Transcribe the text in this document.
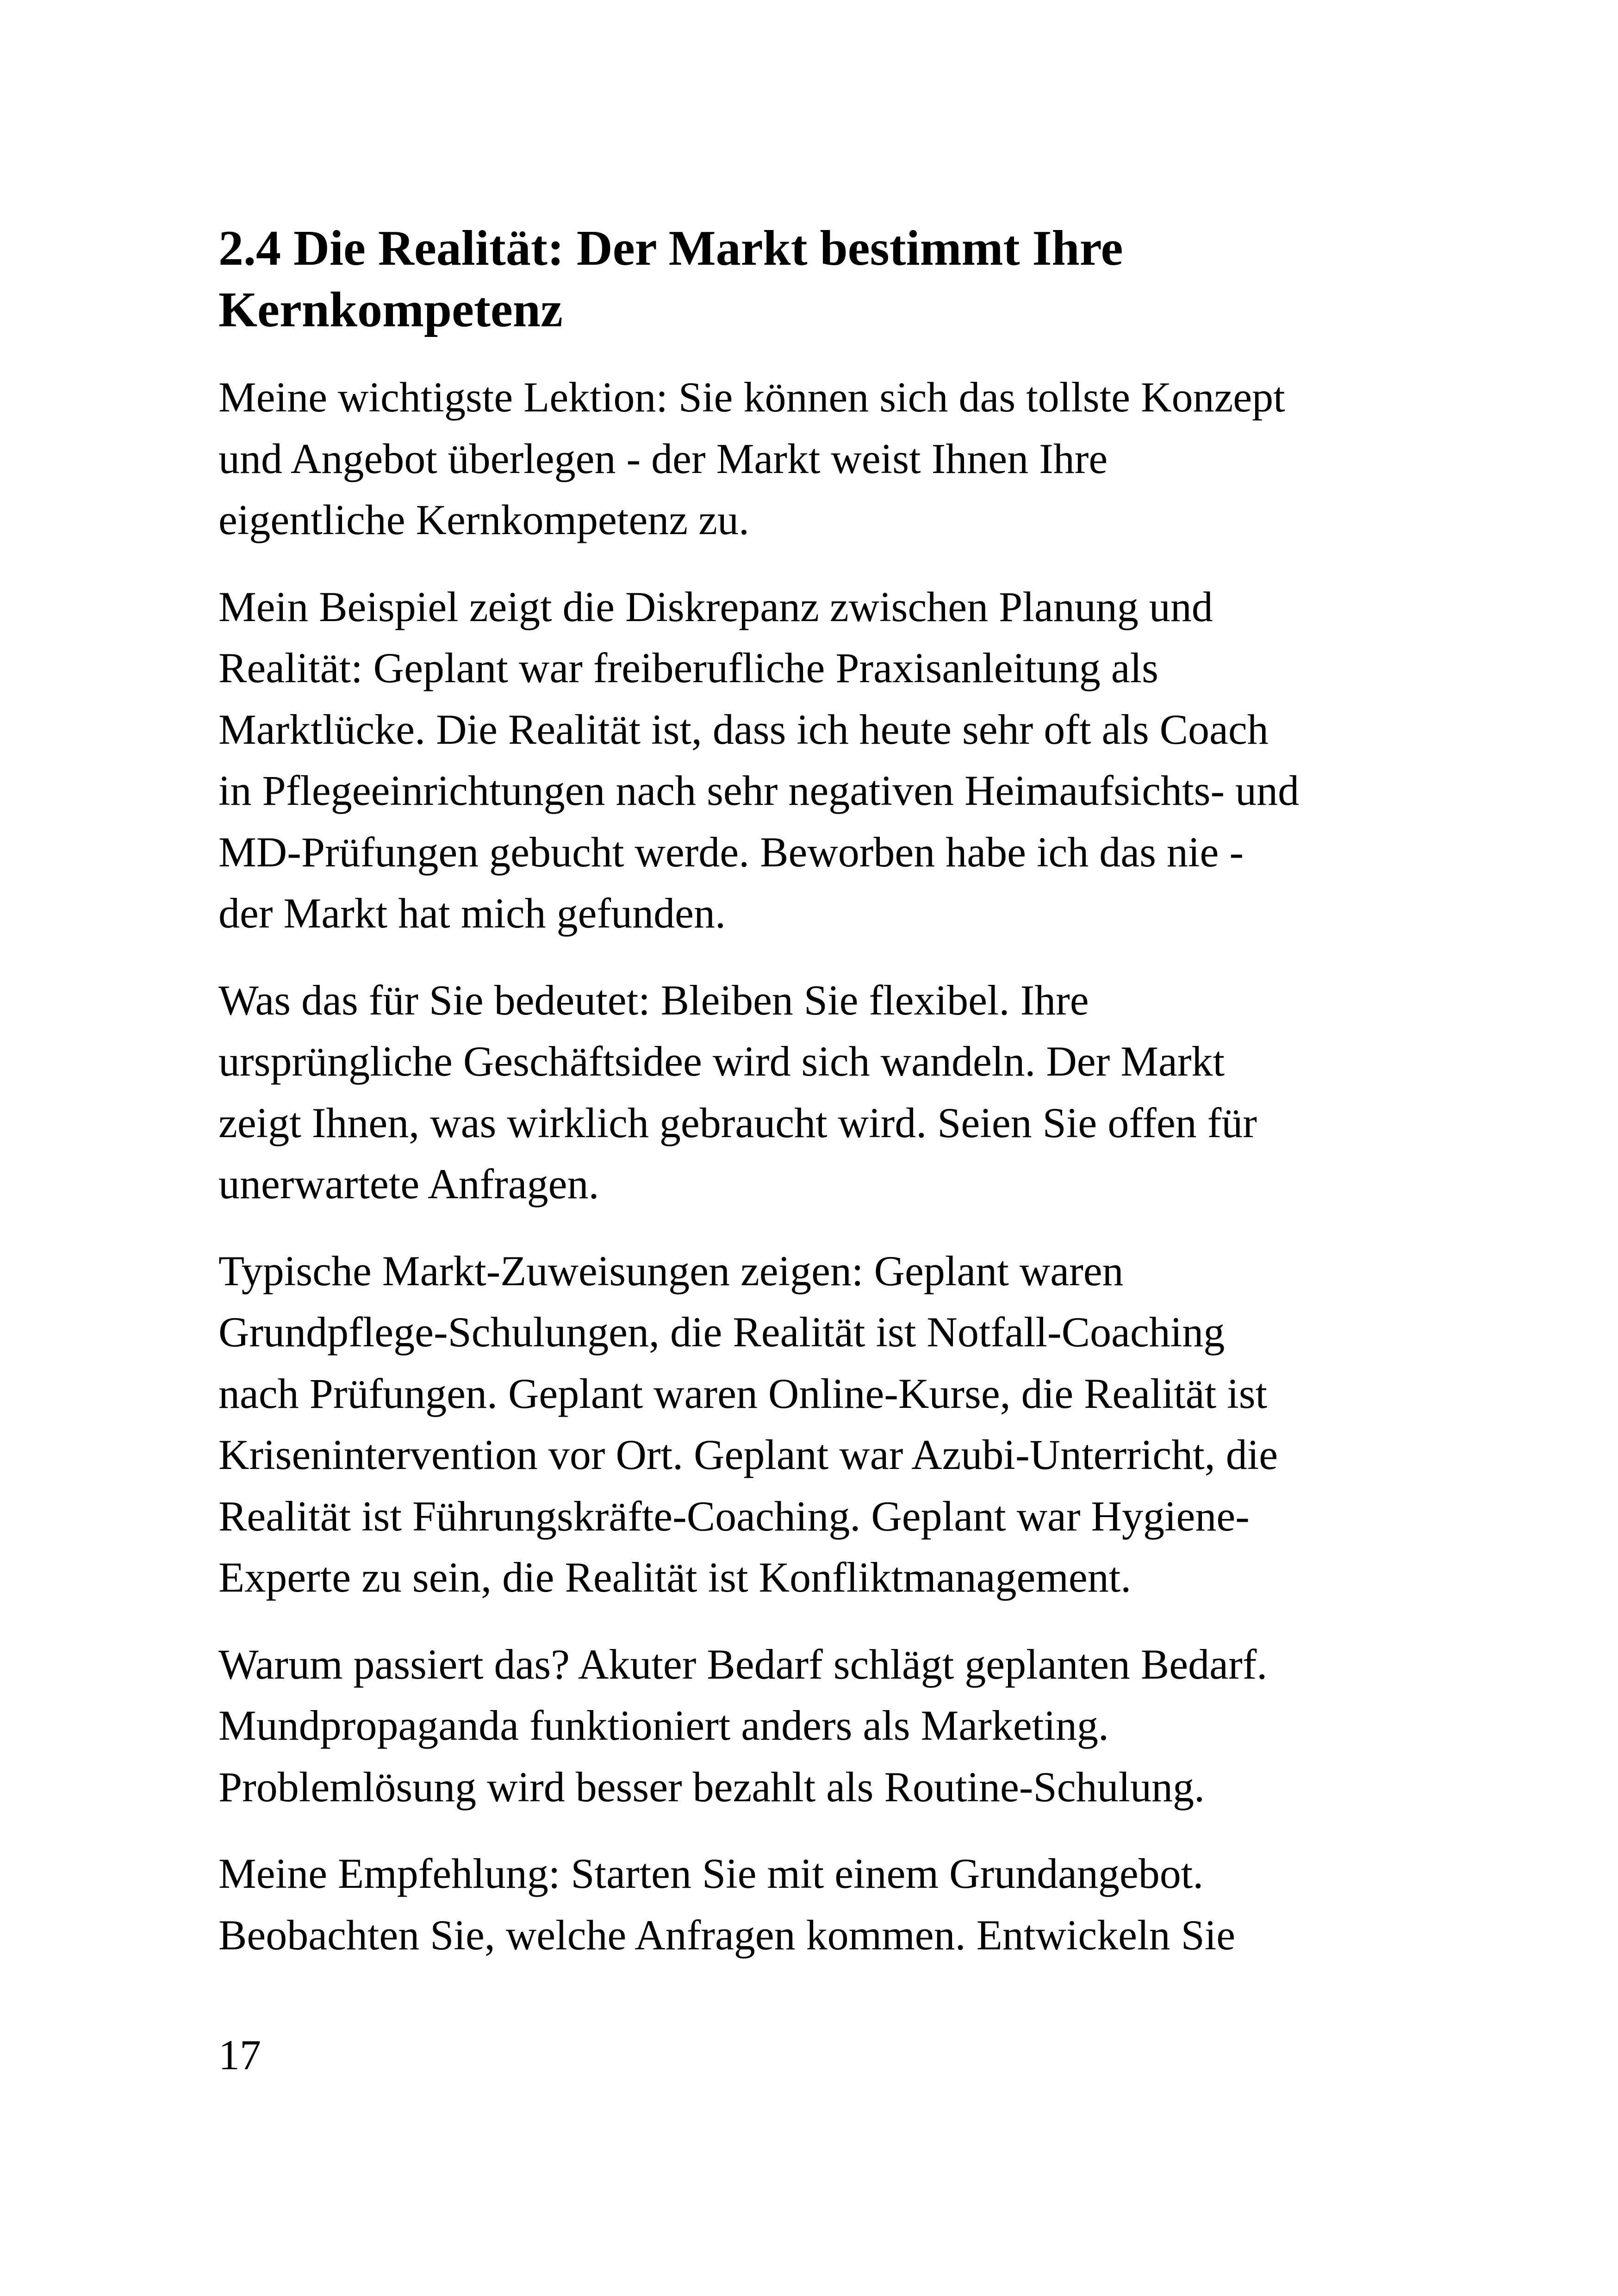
2.4 Die Realität: Der Markt bestimmt Ihre
Kernkompetenz

Meine wichtigste Lektion: Sie können sich das tollste Konzept
und Angebot überlegen - der Markt weist Ihnen Ihre
eigentliche Kernkompetenz zu.

Mein Beispiel zeigt die Diskrepanz zwischen Planung und
Realität: Geplant war freiberufliche Praxisanleitung als
Marktlücke. Die Realität ist, dass ich heute sehr oft als Coach
in Pflegeeinrichtungen nach sehr negativen Heimaufsichts- und
MD-Prüfungen gebucht werde. Beworben habe ich das nie -
der Markt hat mich gefunden.

Was das für Sie bedeutet: Bleiben Sie flexibel. Ihre
ursprüngliche Geschäftsidee wird sich wandeln. Der Markt
zeigt Ihnen, was wirklich gebraucht wird. Seien Sie offen für
unerwartete Anfragen.

Typische Markt-Zuweisungen zeigen: Geplant waren
Grundpflege-Schulungen, die Realität ist Notfall-Coaching
nach Prüfungen. Geplant waren Online-Kurse, die Realität ist
Krisenintervention vor Ort. Geplant war Azubi-Unterricht, die
Realität ist Führungskräfte-Coaching. Geplant war Hygiene-
Experte zu sein, die Realität ist Konfliktmanagement.

Warum passiert das? Akuter Bedarf schlägt geplanten Bedarf.
Mundpropaganda funktioniert anders als Marketing.
Problemlösung wird besser bezahlt als Routine-Schulung.

Meine Empfehlung: Starten Sie mit einem Grundangebot.
Beobachten Sie, welche Anfragen kommen. Entwickeln Sie

17
